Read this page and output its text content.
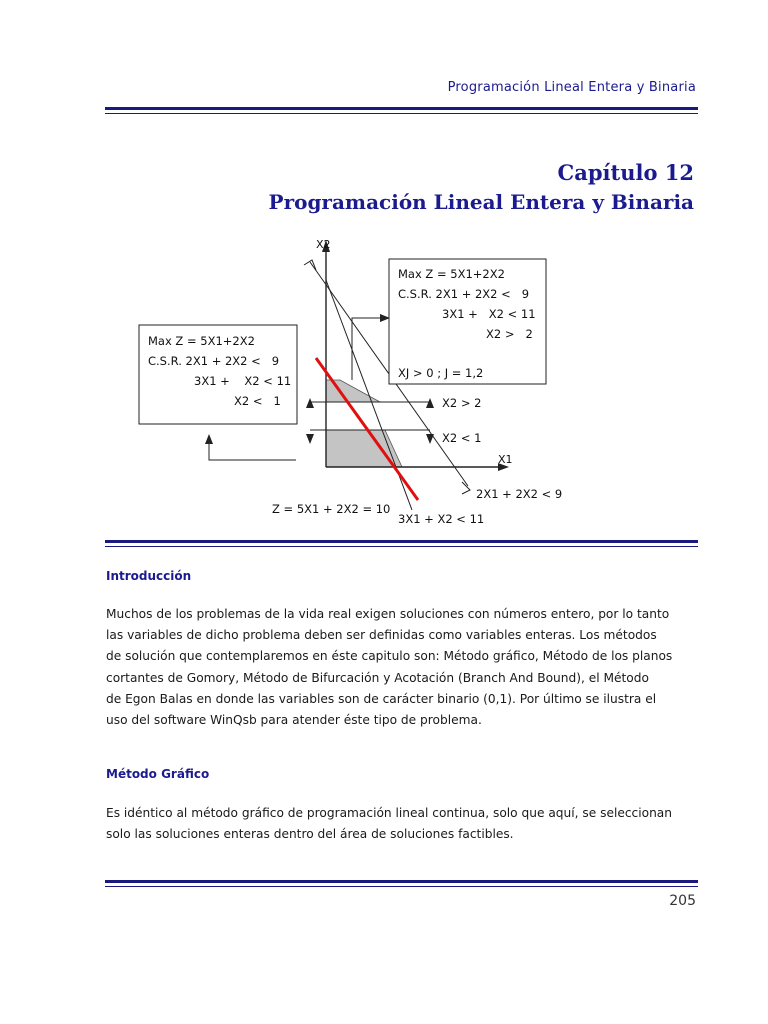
Programación Lineal Entera y Binaria
Capítulo 12
Programación Lineal Entera y Binaria
X2
X1
Max Z = 5X1+2X2
C.S.R. 2X1 + 2X2 <   9
3X1 +   X2 < 11
X2 >   2
XJ > 0 ; J = 1,2
Max Z = 5X1+2X2
C.S.R. 2X1 + 2X2 <   9
3X1 +    X2 < 11
X2 <   1	X2 > 2
X2 < 1
2X1 + 2X2 < 9
Z = 5X1 + 2X2 = 10
3X1 + X2 < 11
Introducción
Muchos de los problemas de la vida real exigen soluciones con números entero, por lo tanto
las variables de dicho problema deben ser definidas como variables enteras. Los métodos
de solución que contemplaremos en éste capitulo son: Método gráfico, Método de los planos
cortantes de Gomory, Método de Bifurcación y Acotación (Branch And Bound), el Método
de Egon Balas en donde las variables son de carácter binario (0,1). Por último se ilustra el
uso del software WinQsb para atender éste tipo de problema.
Método Gráfico
Es idéntico al método gráfico de programación lineal continua, solo que aquí, se seleccionan
solo las soluciones enteras dentro del área de soluciones factibles.
205
